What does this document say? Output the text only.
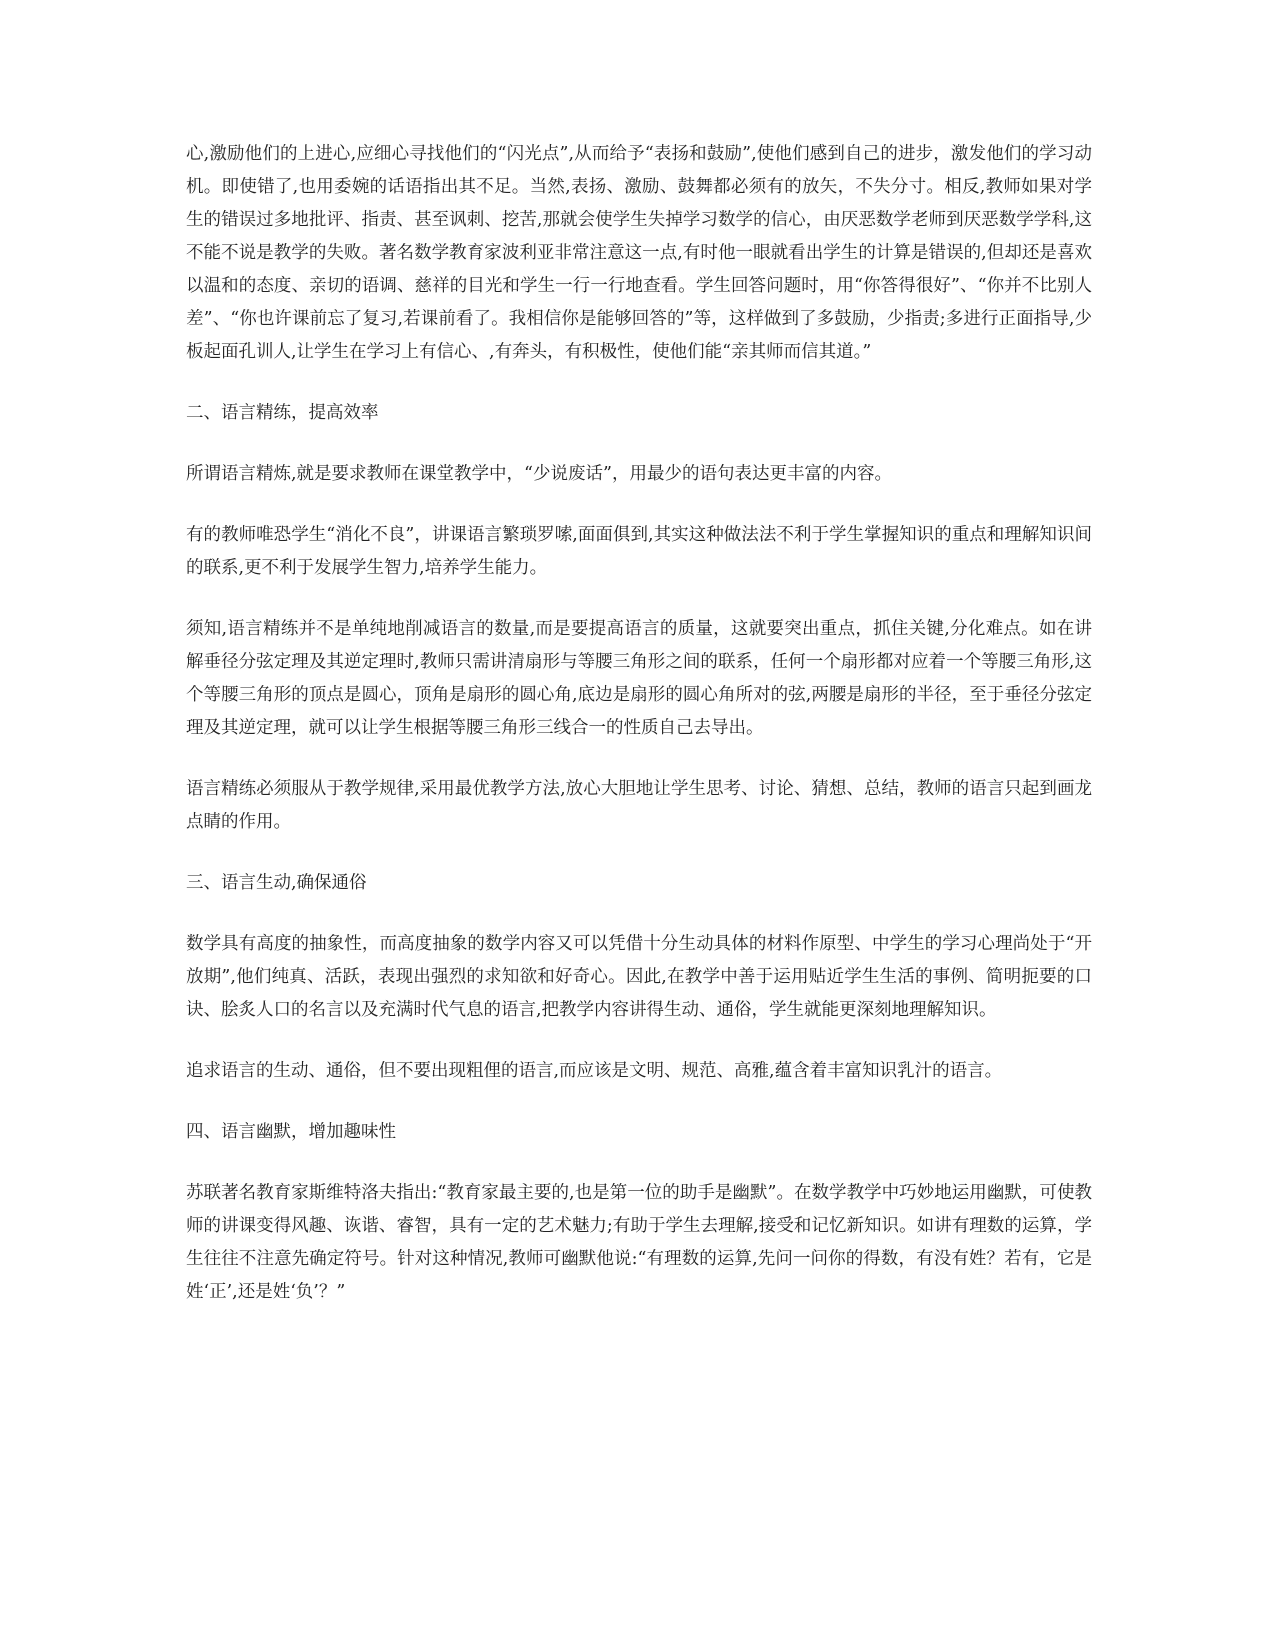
心,激励他们的上进心,应细心寻找他们的“闪光点”,从而给予“表扬和鼓励”,使他们感到自己的进步，激发他们的学习动机。即使错了,也用委婉的话语指出其不足。当然,表扬、激励、鼓舞都必须有的放矢，不失分寸。相反,教师如果对学生的错误过多地批评、指责、甚至讽刺、挖苦,那就会使学生失掉学习数学的信心，由厌恶数学老师到厌恶数学学科,这不能不说是教学的失败。著名数学教育家波利亚非常注意这一点,有时他一眼就看出学生的计算是错误的,但却还是喜欢以温和的态度、亲切的语调、慈祥的目光和学生一行一行地查看。学生回答问题时，用“你答得很好”、“你并不比别人差”、“你也许课前忘了复习,若课前看了。我相信你是能够回答的”等，这样做到了多鼓励，少指责;多进行正面指导,少板起面孔训人,让学生在学习上有信心、,有奔头，有积极性，使他们能“亲其师而信其道。”

二、语言精练，提高效率

所谓语言精炼,就是要求教师在课堂教学中，“少说废话”，用最少的语句表达更丰富的内容。

有的教师唯恐学生“消化不良”，讲课语言繁琐罗嗦,面面俱到,其实这种做法法不利于学生掌握知识的重点和理解知识间的联系,更不利于发展学生智力,培养学生能力。

须知,语言精练并不是单纯地削减语言的数量,而是要提高语言的质量，这就要突出重点，抓住关键,分化难点。如在讲解垂径分弦定理及其逆定理时,教师只需讲清扇形与等腰三角形之间的联系，任何一个扇形都对应着一个等腰三角形,这个等腰三角形的顶点是圆心，顶角是扇形的圆心角,底边是扇形的圆心角所对的弦,两腰是扇形的半径，至于垂径分弦定理及其逆定理，就可以让学生根据等腰三角形三线合一的性质自己去导出。

语言精练必须服从于教学规律,采用最优教学方法,放心大胆地让学生思考、讨论、猜想、总结，教师的语言只起到画龙点睛的作用。

三、语言生动,确保通俗

数学具有高度的抽象性，而高度抽象的数学内容又可以凭借十分生动具体的材料作原型、中学生的学习心理尚处于“开放期”,他们纯真、活跃，表现出强烈的求知欲和好奇心。因此,在教学中善于运用贴近学生生活的事例、简明扼要的口诀、脍炙人口的名言以及充满时代气息的语言,把教学内容讲得生动、通俗，学生就能更深刻地理解知识。

追求语言的生动、通俗，但不要出现粗俚的语言,而应该是文明、规范、高雅,蕴含着丰富知识乳汁的语言。

四、语言幽默，增加趣味性

苏联著名教育家斯维特洛夫指出:“教育家最主要的,也是第一位的助手是幽默”。在数学教学中巧妙地运用幽默，可使教师的讲课变得风趣、诙谐、睿智，具有一定的艺术魅力;有助于学生去理解,接受和记忆新知识。如讲有理数的运算，学生往往不注意先确定符号。针对这种情况,教师可幽默他说:“有理数的运算,先问一问你的得数，有没有姓？若有，它是姓‘正’,还是姓‘负’？”
